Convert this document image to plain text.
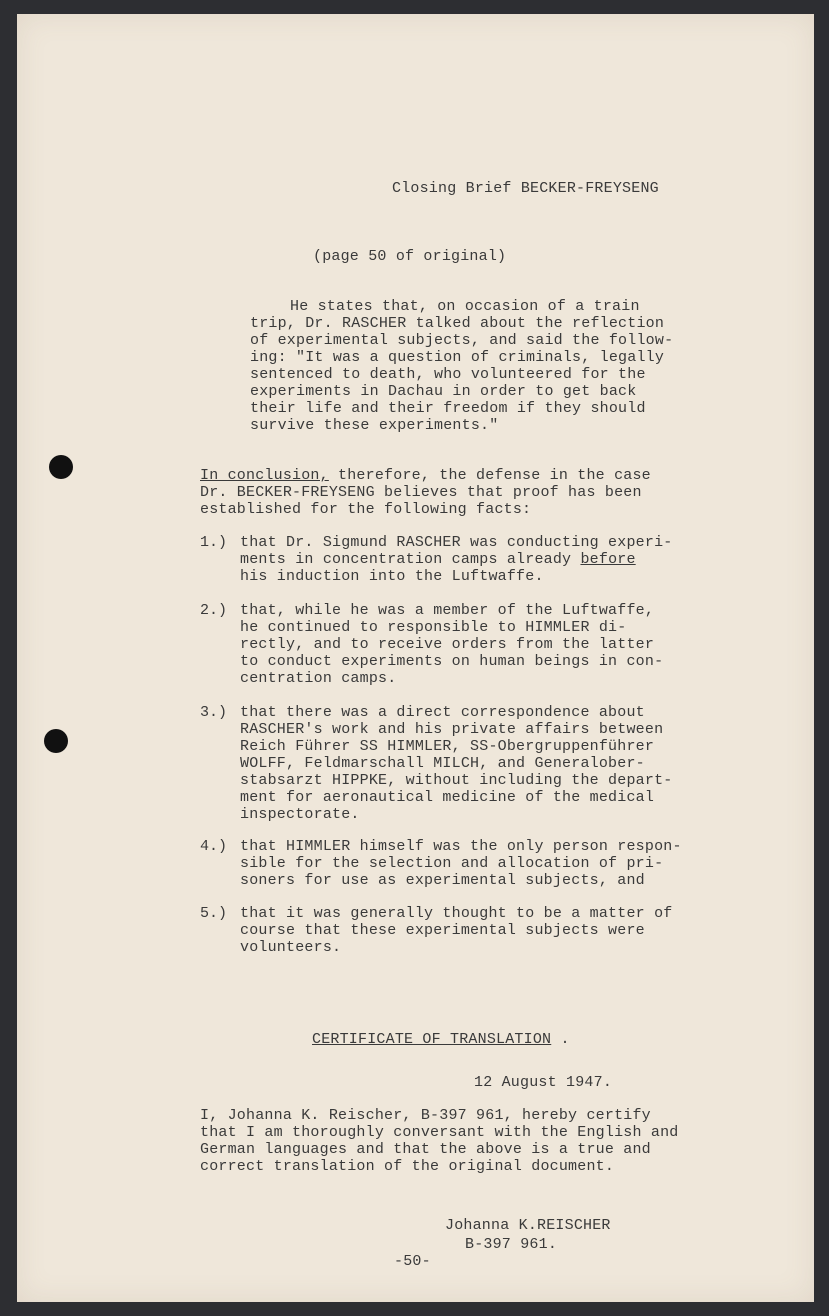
Closing Brief BECKER-FREYSENG
(page 50 of original)
He states that, on occasion of a train
trip, Dr. RASCHER talked about the reflection
of experimental subjects, and said the follow-
ing: "It was a question of criminals, legally
sentenced to death, who volunteered for the
experiments in Dachau in order to get back
their life and their freedom if they should
survive these experiments."
In conclusion, therefore, the defense in the case
Dr. BECKER-FREYSENG believes that proof has been
established for the following facts:
1.) that Dr. Sigmund RASCHER was conducting experi-
ments in concentration camps already before
his induction into the Luftwaffe.
2.) that, while he was a member of the Luftwaffe,
he continued to responsible to HIMMLER di-
rectly, and to receive orders from the latter
to conduct experiments on human beings in con-
centration camps.
3.) that there was a direct correspondence about
RASCHER's work and his private affairs between
Reich Führer SS HIMMLER, SS-Obergruppenführer
WOLFF, Feldmarschall MILCH, and Generalober-
stabsarzt HIPPKE, without including the depart-
ment for aeronautical medicine of the medical
inspectorate.
4.) that HIMMLER himself was the only person respon-
sible for the selection and allocation of pri-
soners for use as experimental subjects, and
5.) that it was generally thought to be a matter of
course that these experimental subjects were
volunteers.
CERTIFICATE OF TRANSLATION .
12 August 1947.
I, Johanna K. Reischer, B-397 961, hereby certify
that I am thoroughly conversant with the English and
German languages and that the above is a true and
correct translation of the original document.
Johanna K.REISCHER
B-397 961.
-50-
